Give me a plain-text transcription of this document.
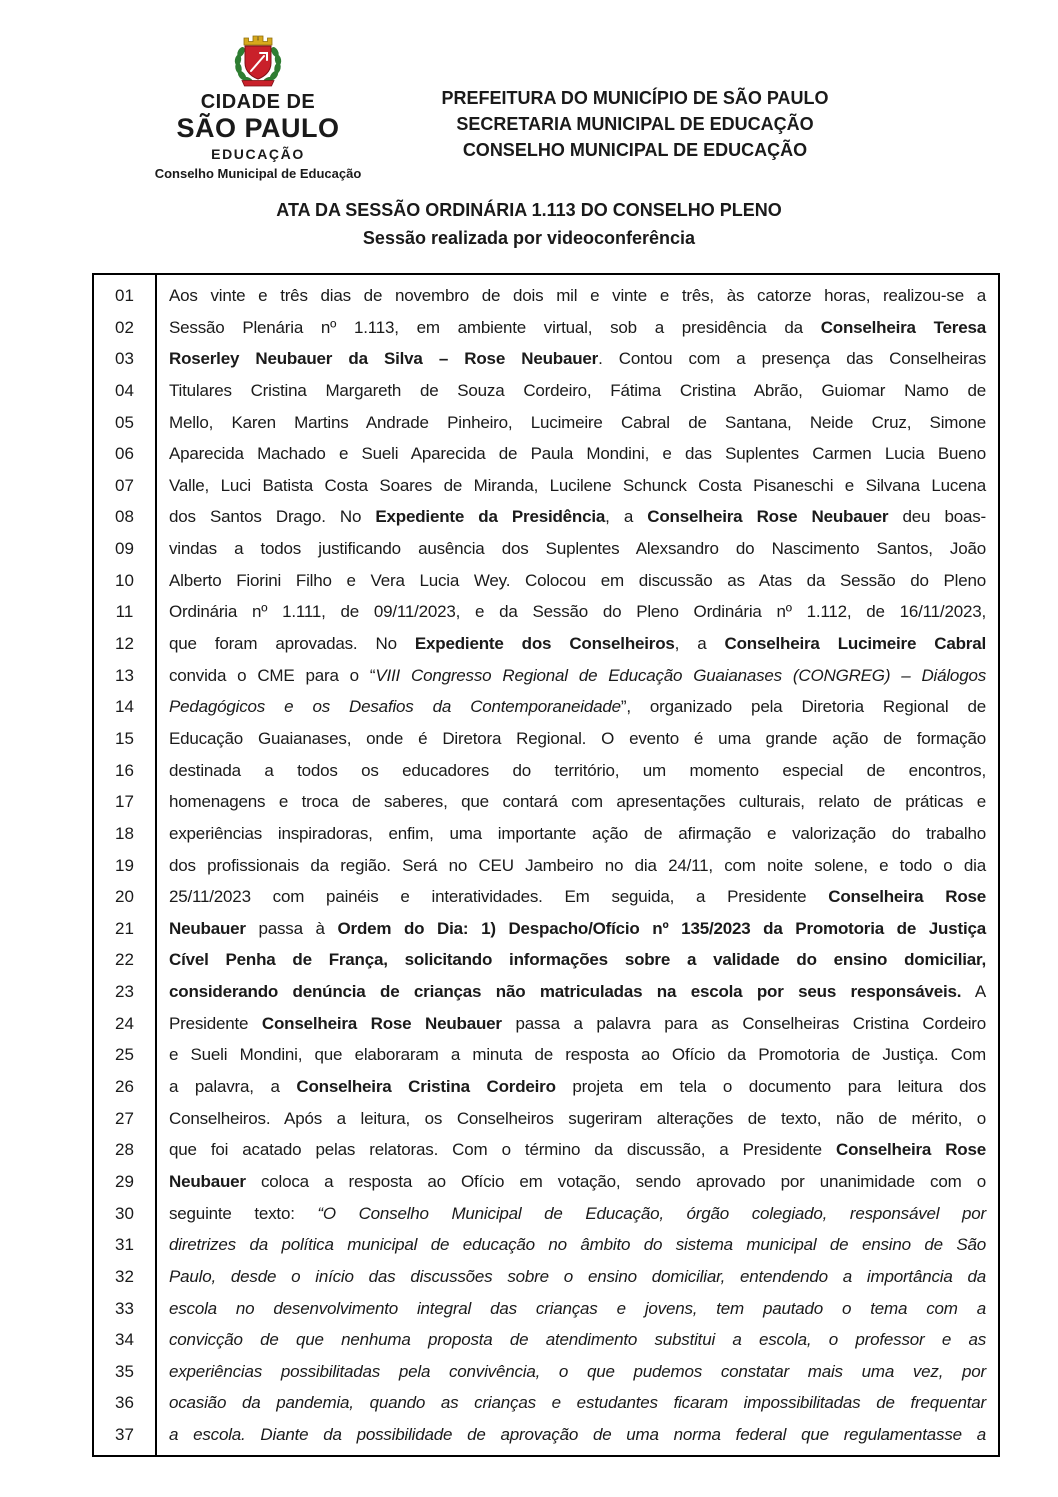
CIDADE DE
SÃO PAULO
EDUCAÇÃO
Conselho Municipal de Educação
PREFEITURA DO MUNICÍPIO DE SÃO PAULO
SECRETARIA MUNICIPAL DE EDUCAÇÃO
CONSELHO MUNICIPAL DE EDUCAÇÃO
ATA DA SESSÃO ORDINÁRIA 1.113 DO CONSELHO PLENO
Sessão realizada por videoconferência
01	Aos vinte e três dias de novembro de dois mil e vinte e três, às catorze horas, realizou-se a
02	Sessão Plenária nº 1.113, em ambiente virtual, sob a presidência da Conselheira Teresa
03	Roserley Neubauer da Silva – Rose Neubauer. Contou com a presença das Conselheiras
04	Titulares Cristina Margareth de Souza Cordeiro, Fátima Cristina Abrão, Guiomar Namo de
05	Mello, Karen Martins Andrade Pinheiro, Lucimeire Cabral de Santana, Neide Cruz, Simone
06	Aparecida Machado e Sueli Aparecida de Paula Mondini, e das Suplentes Carmen Lucia Bueno
07	Valle, Luci Batista Costa Soares de Miranda, Lucilene Schunck Costa Pisaneschi e Silvana Lucena
08	dos Santos Drago. No Expediente da Presidência, a Conselheira Rose Neubauer deu boas-
09	vindas a todos justificando ausência dos Suplentes Alexsandro do Nascimento Santos, João
10	Alberto Fiorini Filho e Vera Lucia Wey. Colocou em discussão as Atas da Sessão do Pleno
11	Ordinária nº 1.111, de 09/11/2023, e da Sessão do Pleno Ordinária nº 1.112, de 16/11/2023,
12	que foram aprovadas. No Expediente dos Conselheiros, a Conselheira Lucimeire Cabral
13	convida o CME para o “VIII Congresso Regional de Educação Guaianases (CONGREG) – Diálogos
14	Pedagógicos e os Desafios da Contemporaneidade”, organizado pela Diretoria Regional de
15	Educação Guaianases, onde é Diretora Regional. O evento é uma grande ação de formação
16	destinada a todos os educadores do território, um momento especial de encontros,
17	homenagens e troca de saberes, que contará com apresentações culturais, relato de práticas e
18	experiências inspiradoras, enfim, uma importante ação de afirmação e valorização do trabalho
19	dos profissionais da região. Será no CEU Jambeiro no dia 24/11, com noite solene, e todo o dia
20	25/11/2023 com painéis e interatividades. Em seguida, a Presidente Conselheira Rose
21	Neubauer passa à Ordem do Dia: 1) Despacho/Ofício nº 135/2023 da Promotoria de Justiça
22	Cível Penha de França, solicitando informações sobre a validade do ensino domiciliar,
23	considerando denúncia de crianças não matriculadas na escola por seus responsáveis. A
24	Presidente Conselheira Rose Neubauer passa a palavra para as Conselheiras Cristina Cordeiro
25	e Sueli Mondini, que elaboraram a minuta de resposta ao Ofício da Promotoria de Justiça. Com
26	a palavra, a Conselheira Cristina Cordeiro projeta em tela o documento para leitura dos
27	Conselheiros. Após a leitura, os Conselheiros sugeriram alterações de texto, não de mérito, o
28	que foi acatado pelas relatoras. Com o término da discussão, a Presidente Conselheira Rose
29	Neubauer coloca a resposta ao Ofício em votação, sendo aprovado por unanimidade com o
30	seguinte texto: “O Conselho Municipal de Educação, órgão colegiado, responsável por
31	diretrizes da política municipal de educação no âmbito do sistema municipal de ensino de São
32	Paulo, desde o início das discussões sobre o ensino domiciliar, entendendo a importância da
33	escola no desenvolvimento integral das crianças e jovens, tem pautado o tema com a
34	convicção de que nenhuma proposta de atendimento substitui a escola, o professor e as
35	experiências possibilitadas pela convivência, o que pudemos constatar mais uma vez, por
36	ocasião da pandemia, quando as crianças e estudantes ficaram impossibilitadas de frequentar
37	a escola. Diante da possibilidade de aprovação de uma norma federal que regulamentasse a
